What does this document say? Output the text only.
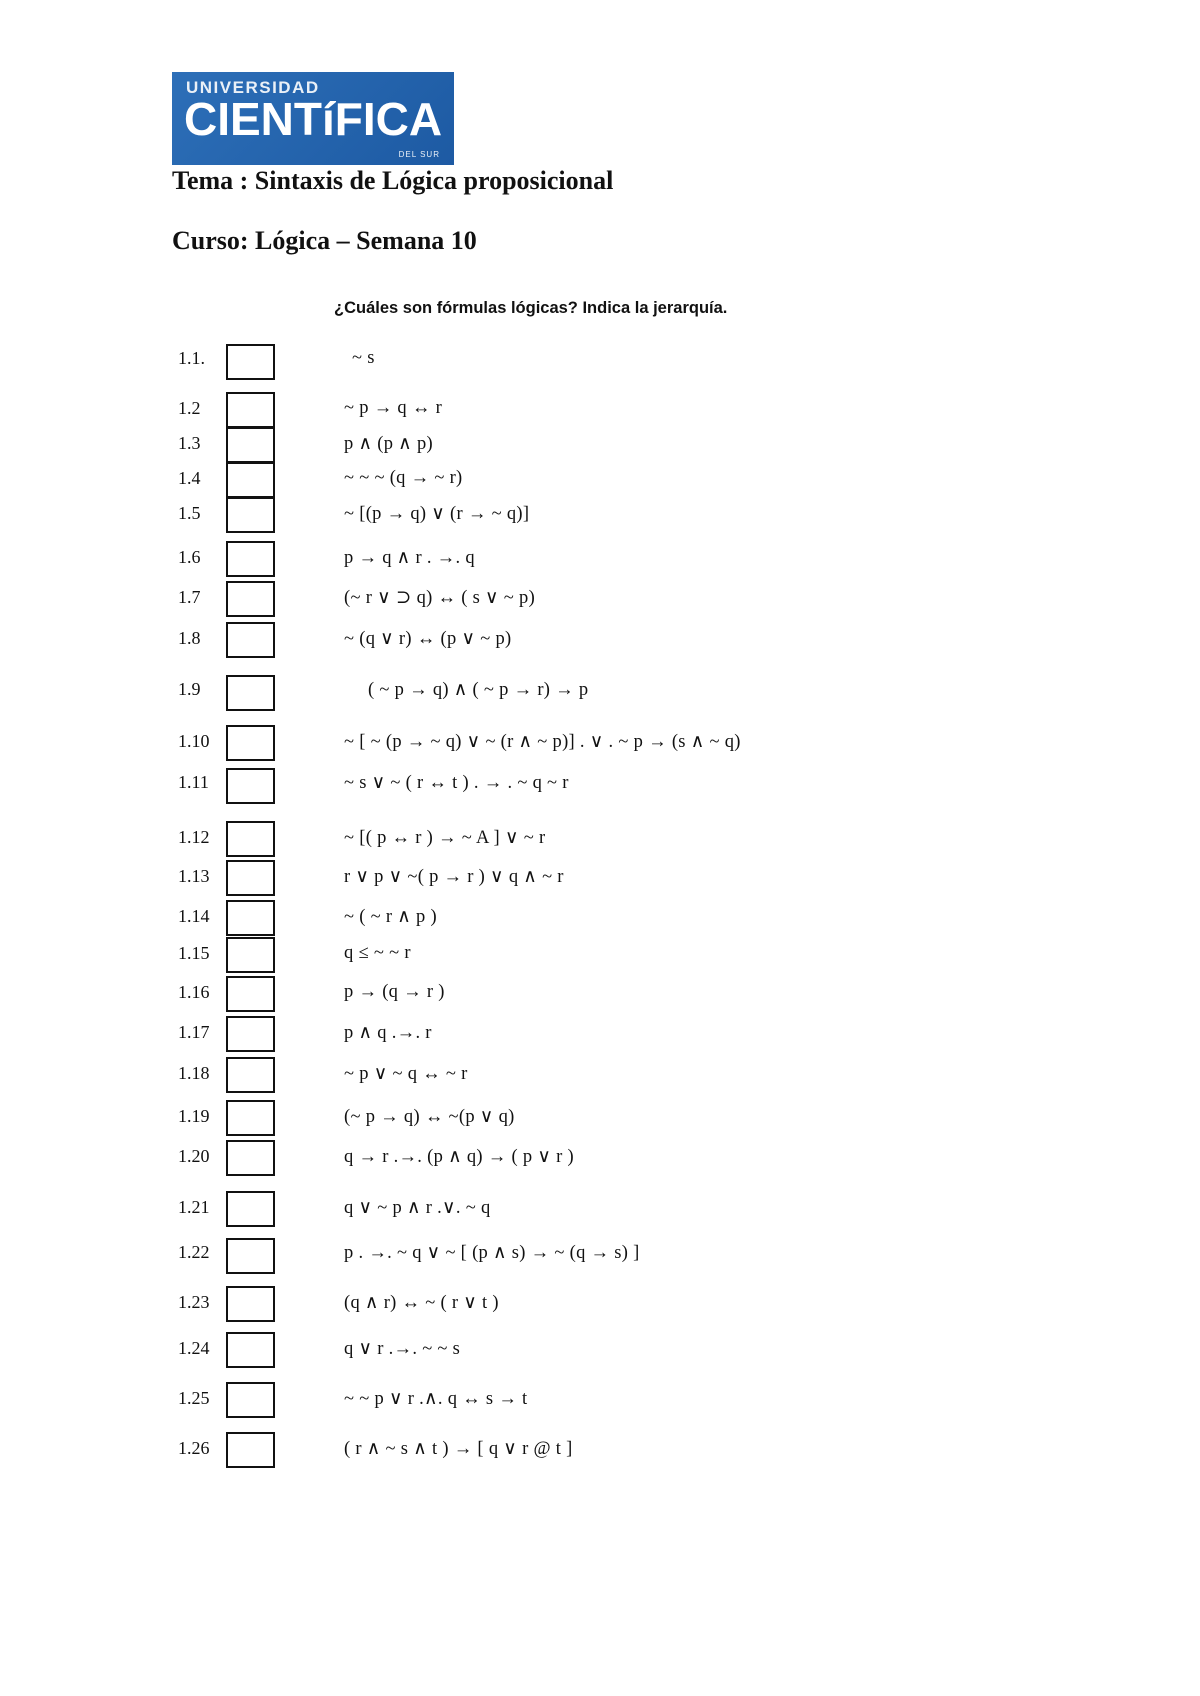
UNIVERSIDAD
CIENTíFICA
DEL SUR
Tema : Sintaxis de Lógica proposicional
Curso: Lógica – Semana 10
¿Cuáles son fórmulas lógicas? Indica la jerarquía.
1.1.	~ s
1.2	~ p → q ↔ r
1.3	p ∧ (p ∧ p)
1.4	~ ~ ~ (q → ~ r)
1.5	~ [(p → q) ∨ (r → ~ q)]
1.6	p → q ∧ r . →. q
1.7	(~ r ∨ ⊃ q) ↔ ( s ∨ ~ p)
1.8	~ (q ∨ r) ↔ (p ∨ ~ p)
1.9	( ~ p → q) ∧ ( ~ p → r) → p
1.10	~ [ ~ (p → ~ q) ∨ ~ (r ∧ ~ p)] . ∨ . ~ p → (s ∧ ~ q)
1.11	~ s ∨ ~ ( r ↔ t ) . → . ~ q ~ r
1.12	~ [( p ↔ r ) → ~ A ] ∨ ~ r
1.13	r ∨ p ∨ ~( p → r ) ∨ q ∧ ~ r
1.14	~ ( ~ r ∧ p )
1.15	q ≤ ~ ~ r
1.16	p → (q → r )
1.17	p ∧ q .→. r
1.18	~ p ∨ ~ q ↔ ~ r
1.19	(~ p → q) ↔ ~(p ∨ q)
1.20	q → r .→. (p ∧ q) → ( p ∨ r )
1.21	q ∨ ~ p ∧ r .∨. ~ q
1.22	p . →. ~ q ∨ ~ [ (p ∧ s) → ~ (q → s) ]
1.23	(q ∧ r) ↔ ~ ( r ∨ t )
1.24	q ∨ r .→. ~ ~ s
1.25	~ ~ p ∨ r .∧. q ↔ s → t
1.26	( r ∧ ~ s ∧ t ) → [ q ∨ r @ t ]
